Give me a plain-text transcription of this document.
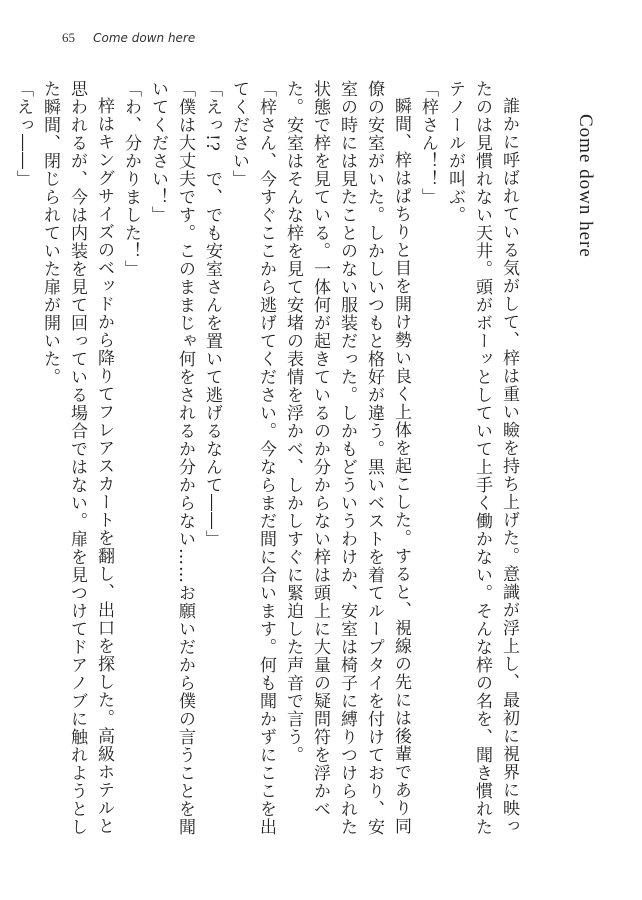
65 Come down here
Come down here

誰かに呼ばれている気がして、梓は重い瞼を持ち上げた。意識が浮上し、最初に視界に映ったのは見慣れない天井。頭がボーッとしていて上手く働かない。そんな梓の名を、聞き慣れたテノールが叫ぶ。

「梓さん！！」

瞬間、梓はぱちりと目を開け勢い良く上体を起こした。すると、視線の先には後輩であり同僚の安室がいた。しかしいつもと格好が違う。黒いベストを着てループタイを付けており、安室の時には見たことのない服装だった。しかもどういうわけか、安室は椅子に縛りつけられた状態で梓を見ている。一体何が起きているのか分からない梓は頭上に大量の疑問符を浮かべた。安室はそんな梓を見て安堵の表情を浮かべ、しかしすぐに緊迫した声音で言う。

「梓さん、今すぐここから逃げてください。今ならまだ間に合います。何も聞かずにここを出てください」

「えっ!?　で、でも安室さんを置いて逃げるなんて――」

「僕は大丈夫です。このままじゃ何をされるか分からない……お願いだから僕の言うことを聞いてください！」

「わ、分かりました！」

梓はキングサイズのベッドから降りてフレアスカートを翻し、出口を探した。高級ホテルと思われるが、今は内装を見て回っている場合ではない。扉を見つけてドアノブに触れようとした瞬間、閉じられていた扉が開いた。

「えっ――」
